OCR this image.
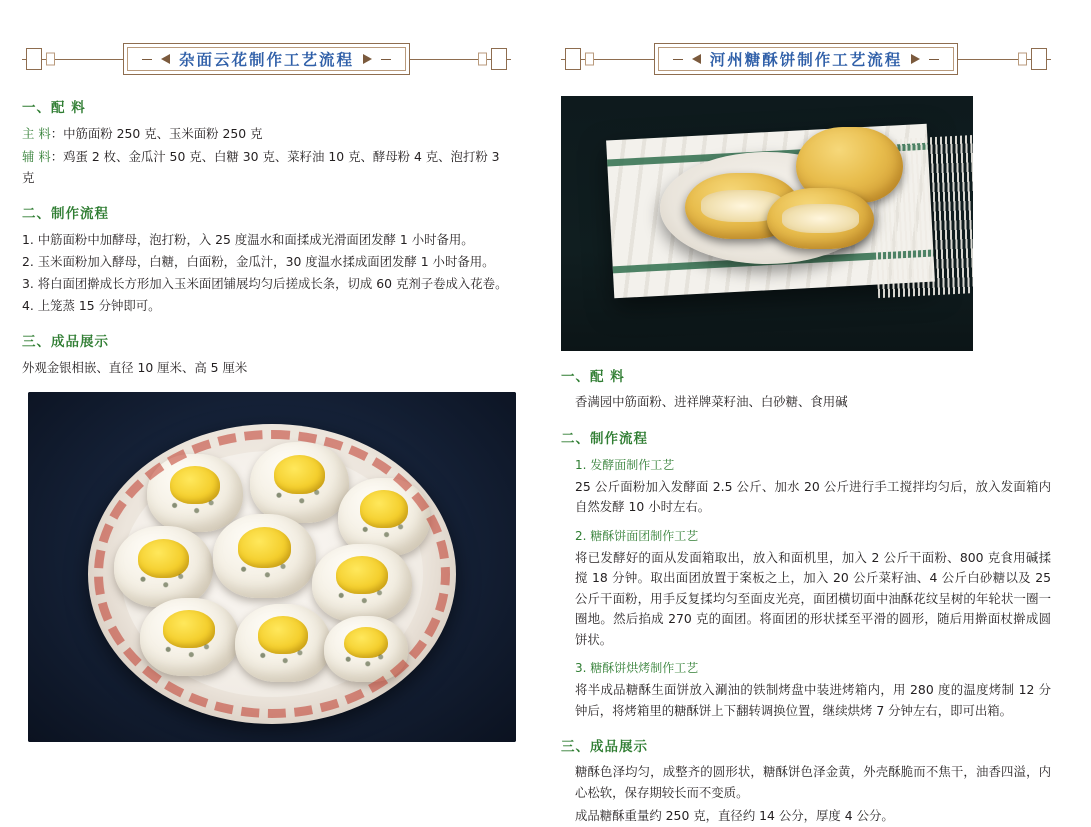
杂面云花制作工艺流程
一、配 料
主 料：中筋面粉 250 克、玉米面粉 250 克
辅 料：鸡蛋 2 枚、金瓜汁 50 克、白糖 30 克、菜籽油 10 克、酵母粉 4 克、泡打粉 3 克
二、制作流程
1. 中筋面粉中加酵母，泡打粉，入 25 度温水和面揉成光滑面团发酵 1 小时备用。
2. 玉米面粉加入酵母，白糖，白面粉，金瓜汁，30 度温水揉成面团发酵 1 小时备用。
3. 将白面团擀成长方形加入玉米面团铺展均匀后搓成长条，切成 60 克剂子卷成入花卷。
4. 上笼蒸 15 分钟即可。
三、成品展示
外观金银相嵌、直径 10 厘米、高 5 厘米
河州糖酥饼制作工艺流程
一、配 料
香满园中筋面粉、进祥牌菜籽油、白砂糖、食用碱
二、制作流程
1. 发酵面制作工艺
25 公斤面粉加入发酵面 2.5 公斤、加水 20 公斤进行手工搅拌均匀后，放入发面箱内自然发酵 10 小时左右。
2. 糖酥饼面团制作工艺
将已发酵好的面从发面箱取出，放入和面机里，加入 2 公斤干面粉、800 克食用碱揉搅 18 分钟。取出面团放置于案板之上，加入 20 公斤菜籽油、4 公斤白砂糖以及 25 公斤干面粉，用手反复揉均匀至面皮光亮，面团横切面中油酥花纹呈树的年轮状一圈一圈地。然后掐成 270 克的面团。将面团的形状揉至平滑的圆形，随后用擀面杖擀成圆饼状。
3. 糖酥饼烘烤制作工艺
将半成品糖酥生面饼放入涮油的铁制烤盘中装进烤箱内，用 280 度的温度烤制 12 分钟后，将烤箱里的糖酥饼上下翻转调换位置，继续烘烤 7 分钟左右，即可出箱。
三、成品展示
糖酥色泽均匀，成整齐的圆形状，糖酥饼色泽金黄，外壳酥脆而不焦干，油香四溢，内心松软，保存期较长而不变质。
成品糖酥重量约 250 克，直径约 14 公分，厚度 4 公分。
